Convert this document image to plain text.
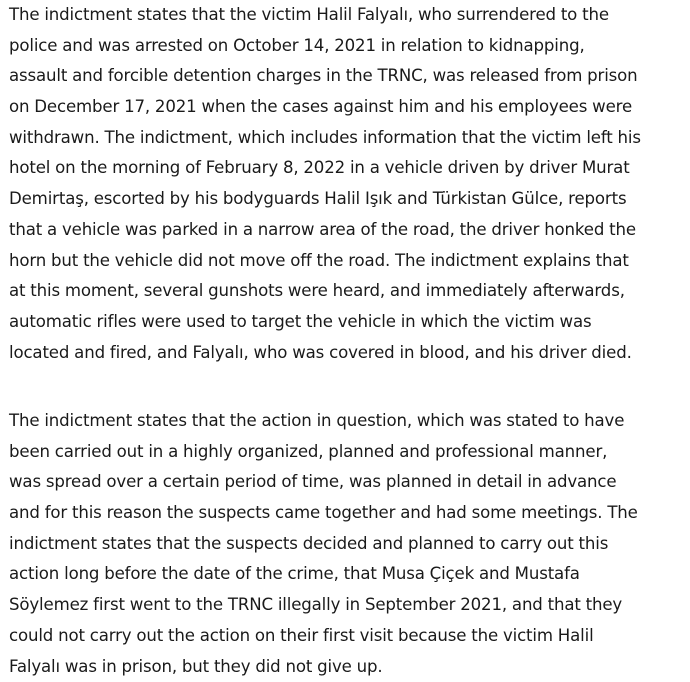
The indictment states that the victim Halil Falyalı, who surrendered to the
police and was arrested on October 14, 2021 in relation to kidnapping,
assault and forcible detention charges in the TRNC, was released from prison
on December 17, 2021 when the cases against him and his employees were
withdrawn. The indictment, which includes information that the victim left his
hotel on the morning of February 8, 2022 in a vehicle driven by driver Murat
Demirtaş, escorted by his bodyguards Halil Işık and Türkistan Gülce, reports
that a vehicle was parked in a narrow area of the road, the driver honked the
horn but the vehicle did not move off the road. The indictment explains that
at this moment, several gunshots were heard, and immediately afterwards,
automatic rifles were used to target the vehicle in which the victim was
located and fired, and Falyalı, who was covered in blood, and his driver died.
The indictment states that the action in question, which was stated to have
been carried out in a highly organized, planned and professional manner,
was spread over a certain period of time, was planned in detail in advance
and for this reason the suspects came together and had some meetings. The
indictment states that the suspects decided and planned to carry out this
action long before the date of the crime, that Musa Çiçek and Mustafa
Söylemez first went to the TRNC illegally in September 2021, and that they
could not carry out the action on their first visit because the victim Halil
Falyalı was in prison, but they did not give up.
